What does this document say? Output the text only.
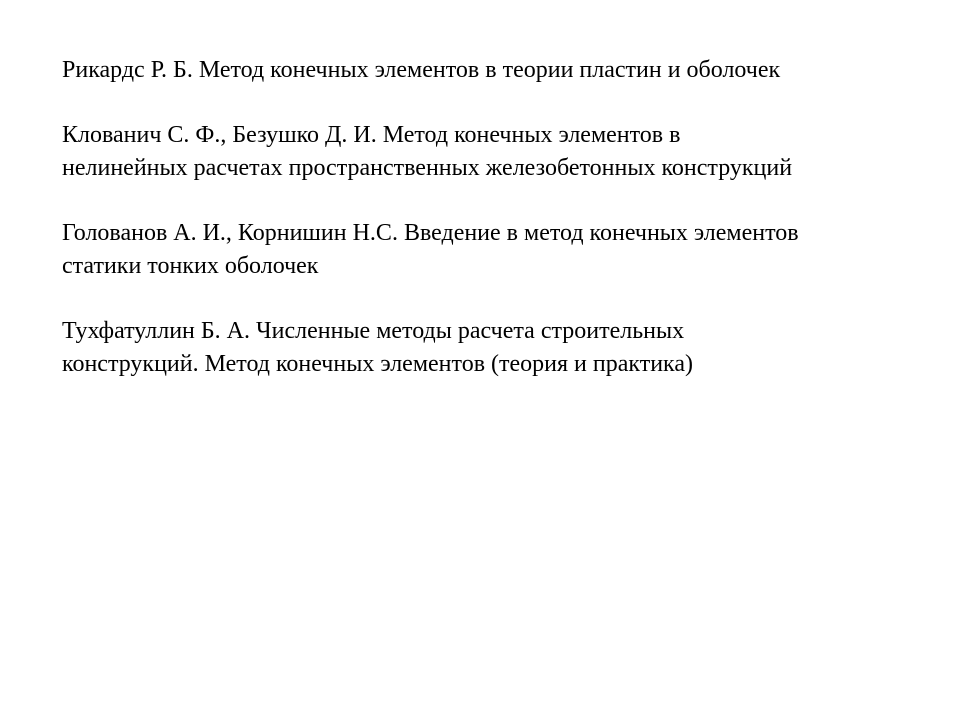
Рикардс Р. Б. Метод конечных элементов в теории пластин и оболочек
Клованич С. Ф., Безушко Д. И. Метод конечных элементов в
нелинейных расчетах пространственных железобетонных конструкций
Голованов А. И., Корнишин Н.С. Введение в метод конечных элементов
статики тонких оболочек
Тухфатуллин Б. А. Численные методы расчета строительных
конструкций. Метод конечных элементов (теория и практика)
